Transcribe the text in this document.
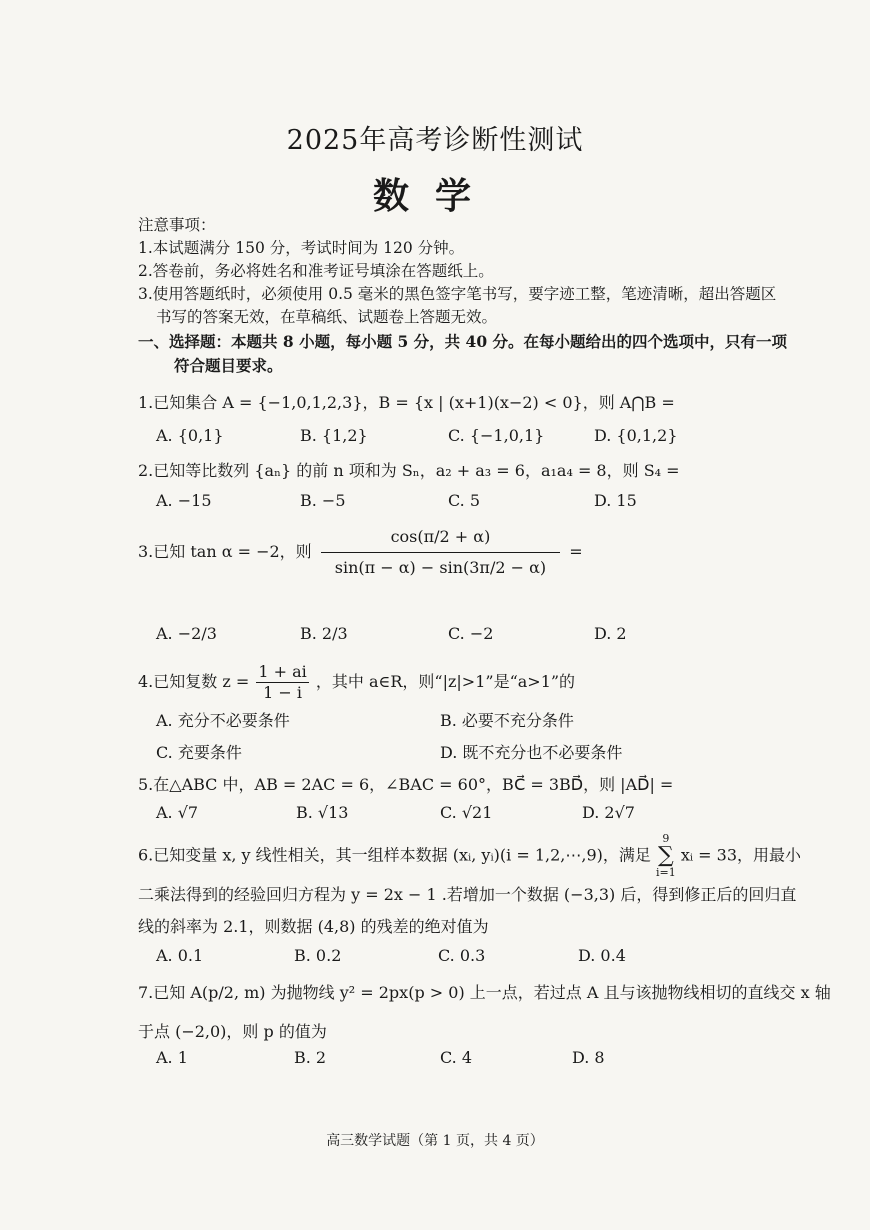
2025年高考诊断性测试
数学
注意事项：
1.本试题满分 150 分，考试时间为 120 分钟。
2.答卷前，务必将姓名和准考证号填涂在答题纸上。
3.使用答题纸时，必须使用 0.5 毫米的黑色签字笔书写，要字迹工整，笔迹清晰，超出答题区
书写的答案无效，在草稿纸、试题卷上答题无效。
一、选择题：本题共 8 小题，每小题 5 分，共 40 分。在每小题给出的四个选项中，只有一项
符合题目要求。
1.已知集合 A = {−1,0,1,2,3}，B = {x | (x+1)(x−2) < 0}，则 A⋂B =
A. {0,1}	B. {1,2}	C. {−1,0,1}	D. {0,1,2}
2.已知等比数列 {aₙ} 的前 n 项和为 Sₙ，a₂ + a₃ = 6，a₁a₄ = 8，则 S₄ =
A. −15	B. −5	C. 5	D. 15
3.已知 tan α = −2，则 $\frac{\cos(\pi/2 + \alpha)}{\sin(\pi - \alpha) - \sin(3\pi/2 - \alpha)}$ =
A. −2/3	B. 2/3	C. −2	D. 2
4.已知复数 $z = \frac{1 + ai}{1 - i}$ ，其中 a∈R，则“|z|>1”是“a>1”的
A. 充分不必要条件	B. 必要不充分条件
C. 充要条件	D. 既不充分也不必要条件
5.在△ABC 中，AB = 2AC = 6，∠BAC = 60°，BC⃗ = 3BD⃗，则 |AD⃗| =
A. √7	B. √13	C. √21	D. 2√7
6.已知变量 x, y 线性相关，其一组样本数据 (xᵢ, yᵢ)(i = 1,2,⋯,9)，满足 9
∑
i=1 xᵢ = 33，用最小
二乘法得到的经验回归方程为 y = 2x − 1 .若增加一个数据 (−3,3) 后，得到修正后的回归直
线的斜率为 2.1，则数据 (4,8) 的残差的绝对值为
A. 0.1	B. 0.2	C. 0.3	D. 0.4
7.已知 A(p/2, m) 为抛物线 y² = 2px(p > 0) 上一点，若过点 A 且与该抛物线相切的直线交 x 轴
于点 (−2,0)，则 p 的值为
A. 1	B. 2	C. 4	D. 8
高三数学试题（第 1 页，共 4 页）
